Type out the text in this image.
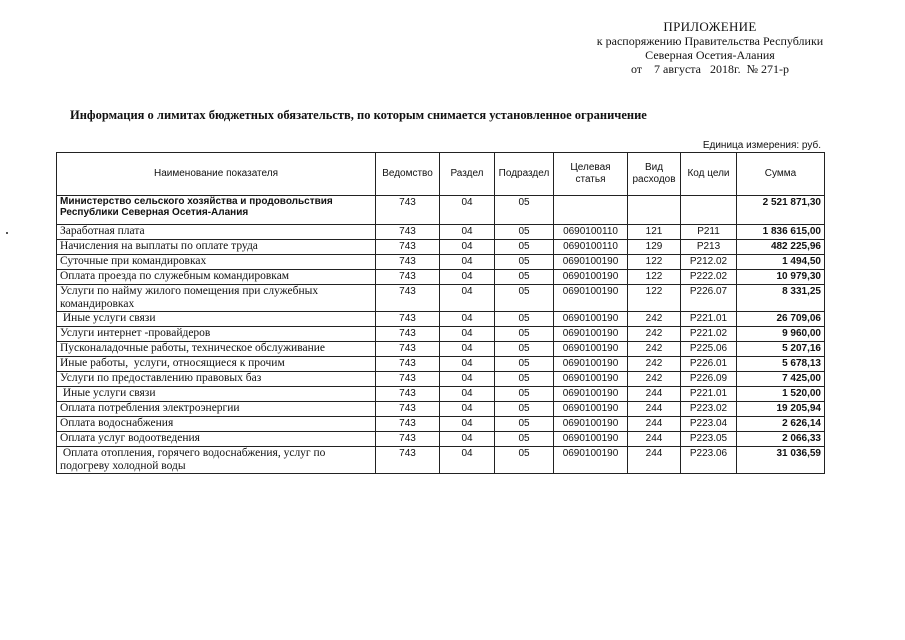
ПРИЛОЖЕНИЕ
к распоряжению Правительства Республики
Северная Осетия-Алания
от    7 августа   2018г.  № 271-р
Информация о лимитах бюджетных обязательств, по которым снимается установленное ограничение
Единица измерения: руб.
Наименование показателя	Ведомство	Раздел	Подраздел	Целевая статья	Вид расходов	Код цели	Сумма
Министерство сельского хозяйства и продовольствия Республики Северная Осетия-Алания	743	04	05				2 521 871,30
Заработная плата	743	04	05	0690100110	121	Р211	1 836 615,00
Начисления на выплаты по оплате труда	743	04	05	0690100110	129	Р213	482 225,96
Суточные при командировках	743	04	05	0690100190	122	Р212.02	1 494,50
Оплата проезда по служебным командировкам	743	04	05	0690100190	122	Р222.02	10 979,30
Услуги по найму жилого помещения при служебных командировках	743	04	05	0690100190	122	Р226.07	8 331,25
Иные услуги связи	743	04	05	0690100190	242	Р221.01	26 709,06
Услуги интернет -провайдеров	743	04	05	0690100190	242	Р221.02	9 960,00
Пусконаладочные работы, техническое обслуживание	743	04	05	0690100190	242	Р225.06	5 207,16
Иные работы,  услуги, относящиеся к прочим	743	04	05	0690100190	242	Р226.01	5 678,13
Услуги по предоставлению правовых баз	743	04	05	0690100190	242	Р226.09	7 425,00
Иные услуги связи	743	04	05	0690100190	244	Р221.01	1 520,00
Оплата потребления электроэнергии	743	04	05	0690100190	244	Р223.02	19 205,94
Оплата водоснабжения	743	04	05	0690100190	244	Р223.04	2 626,14
Оплата услуг водоотведения	743	04	05	0690100190	244	Р223.05	2 066,33
Оплата отопления, горячего водоснабжения, услуг по подогреву холодной воды	743	04	05	0690100190	244	Р223.06	31 036,59
